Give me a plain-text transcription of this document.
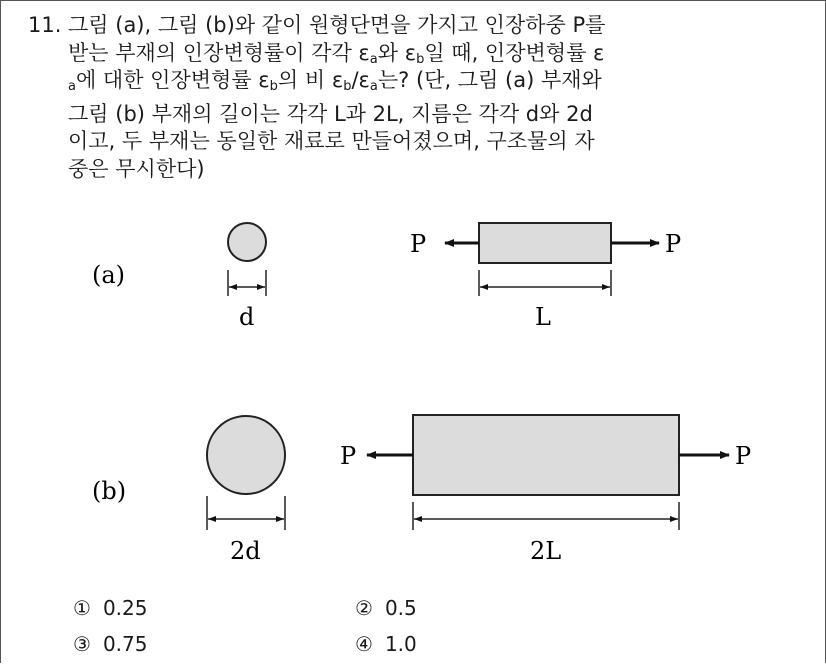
11. 그림 (a), 그림 (b)와 같이 원형단면을 가지고 인장하중 P를
받는 부재의 인장변형률이 각각 $\varepsilon_a$와 $\varepsilon_b$일 때, 인장변형률 ε
a에 대한 인장변형률 $\varepsilon_b$의 비 $\varepsilon_b/\varepsilon_a$는? (단, 그림 (a) 부재와
그림 (b) 부재의 길이는 각각 L과 2L, 지름은 각각 d와 2d
이고, 두 부재는 동일한 재료로 만들어졌으며, 구조물의 자
중은 무시한다)
(a)
d
P	P
L
(b)
2d
P	P
2L
① 0.25	② 0.5
③ 0.75	④ 1.0
